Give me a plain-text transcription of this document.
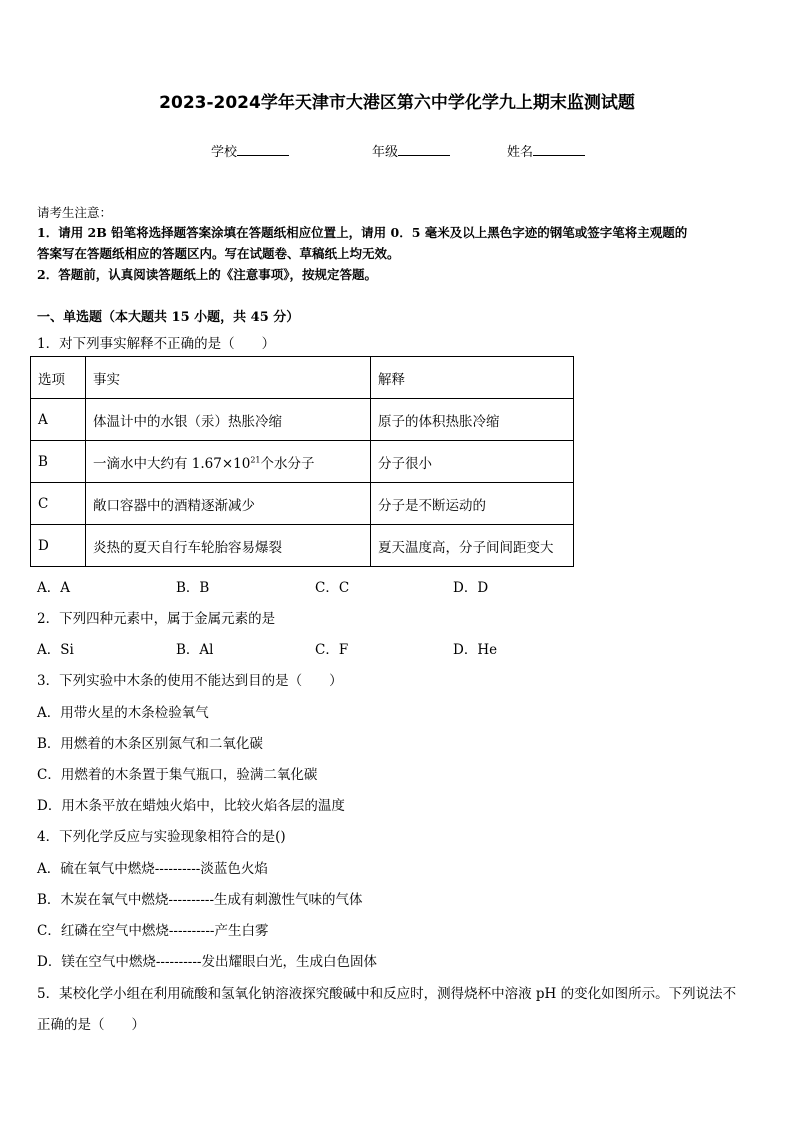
2023-2024学年天津市大港区第六中学化学九上期末监测试题
学校	年级	姓名
请考生注意：
1．请用 2B 铅笔将选择题答案涂填在答题纸相应位置上，请用 0．5 毫米及以上黑色字迹的钢笔或签字笔将主观题的
答案写在答题纸相应的答题区内。写在试题卷、草稿纸上均无效。
2．答题前，认真阅读答题纸上的《注意事项》，按规定答题。
一、单选题（本大题共 15 小题，共 45 分）
1．对下列事实解释不正确的是（　　）
选项	事实	解释
A	体温计中的水银（汞）热胀冷缩	原子的体积热胀冷缩
B	一滴水中大约有 $1.67\times 10^{21}$个水分子	分子很小
C	敞口容器中的酒精逐渐减少	分子是不断运动的
D	炎热的夏天自行车轮胎容易爆裂	夏天温度高，分子间间距变大
A．A	B．B	C．C	D．D
2．下列四种元素中，属于金属元素的是
A．Si	B．Al	C．F	D．He
3．下列实验中木条的使用不能达到目的是（　　）
A．用带火星的木条检验氧气
B．用燃着的木条区别氮气和二氧化碳
C．用燃着的木条置于集气瓶口，验满二氧化碳
D．用木条平放在蜡烛火焰中，比较火焰各层的温度
4．下列化学反应与实验现象相符合的是()
A．硫在氧气中燃烧----------淡蓝色火焰
B．木炭在氧气中燃烧----------生成有刺激性气味的气体
C．红磷在空气中燃烧----------产生白雾
D．镁在空气中燃烧----------发出耀眼白光，生成白色固体
5．某校化学小组在利用硫酸和氢氧化钠溶液探究酸碱中和反应时，测得烧杯中溶液 pH 的变化如图所示。下列说法不
正确的是（　　）
